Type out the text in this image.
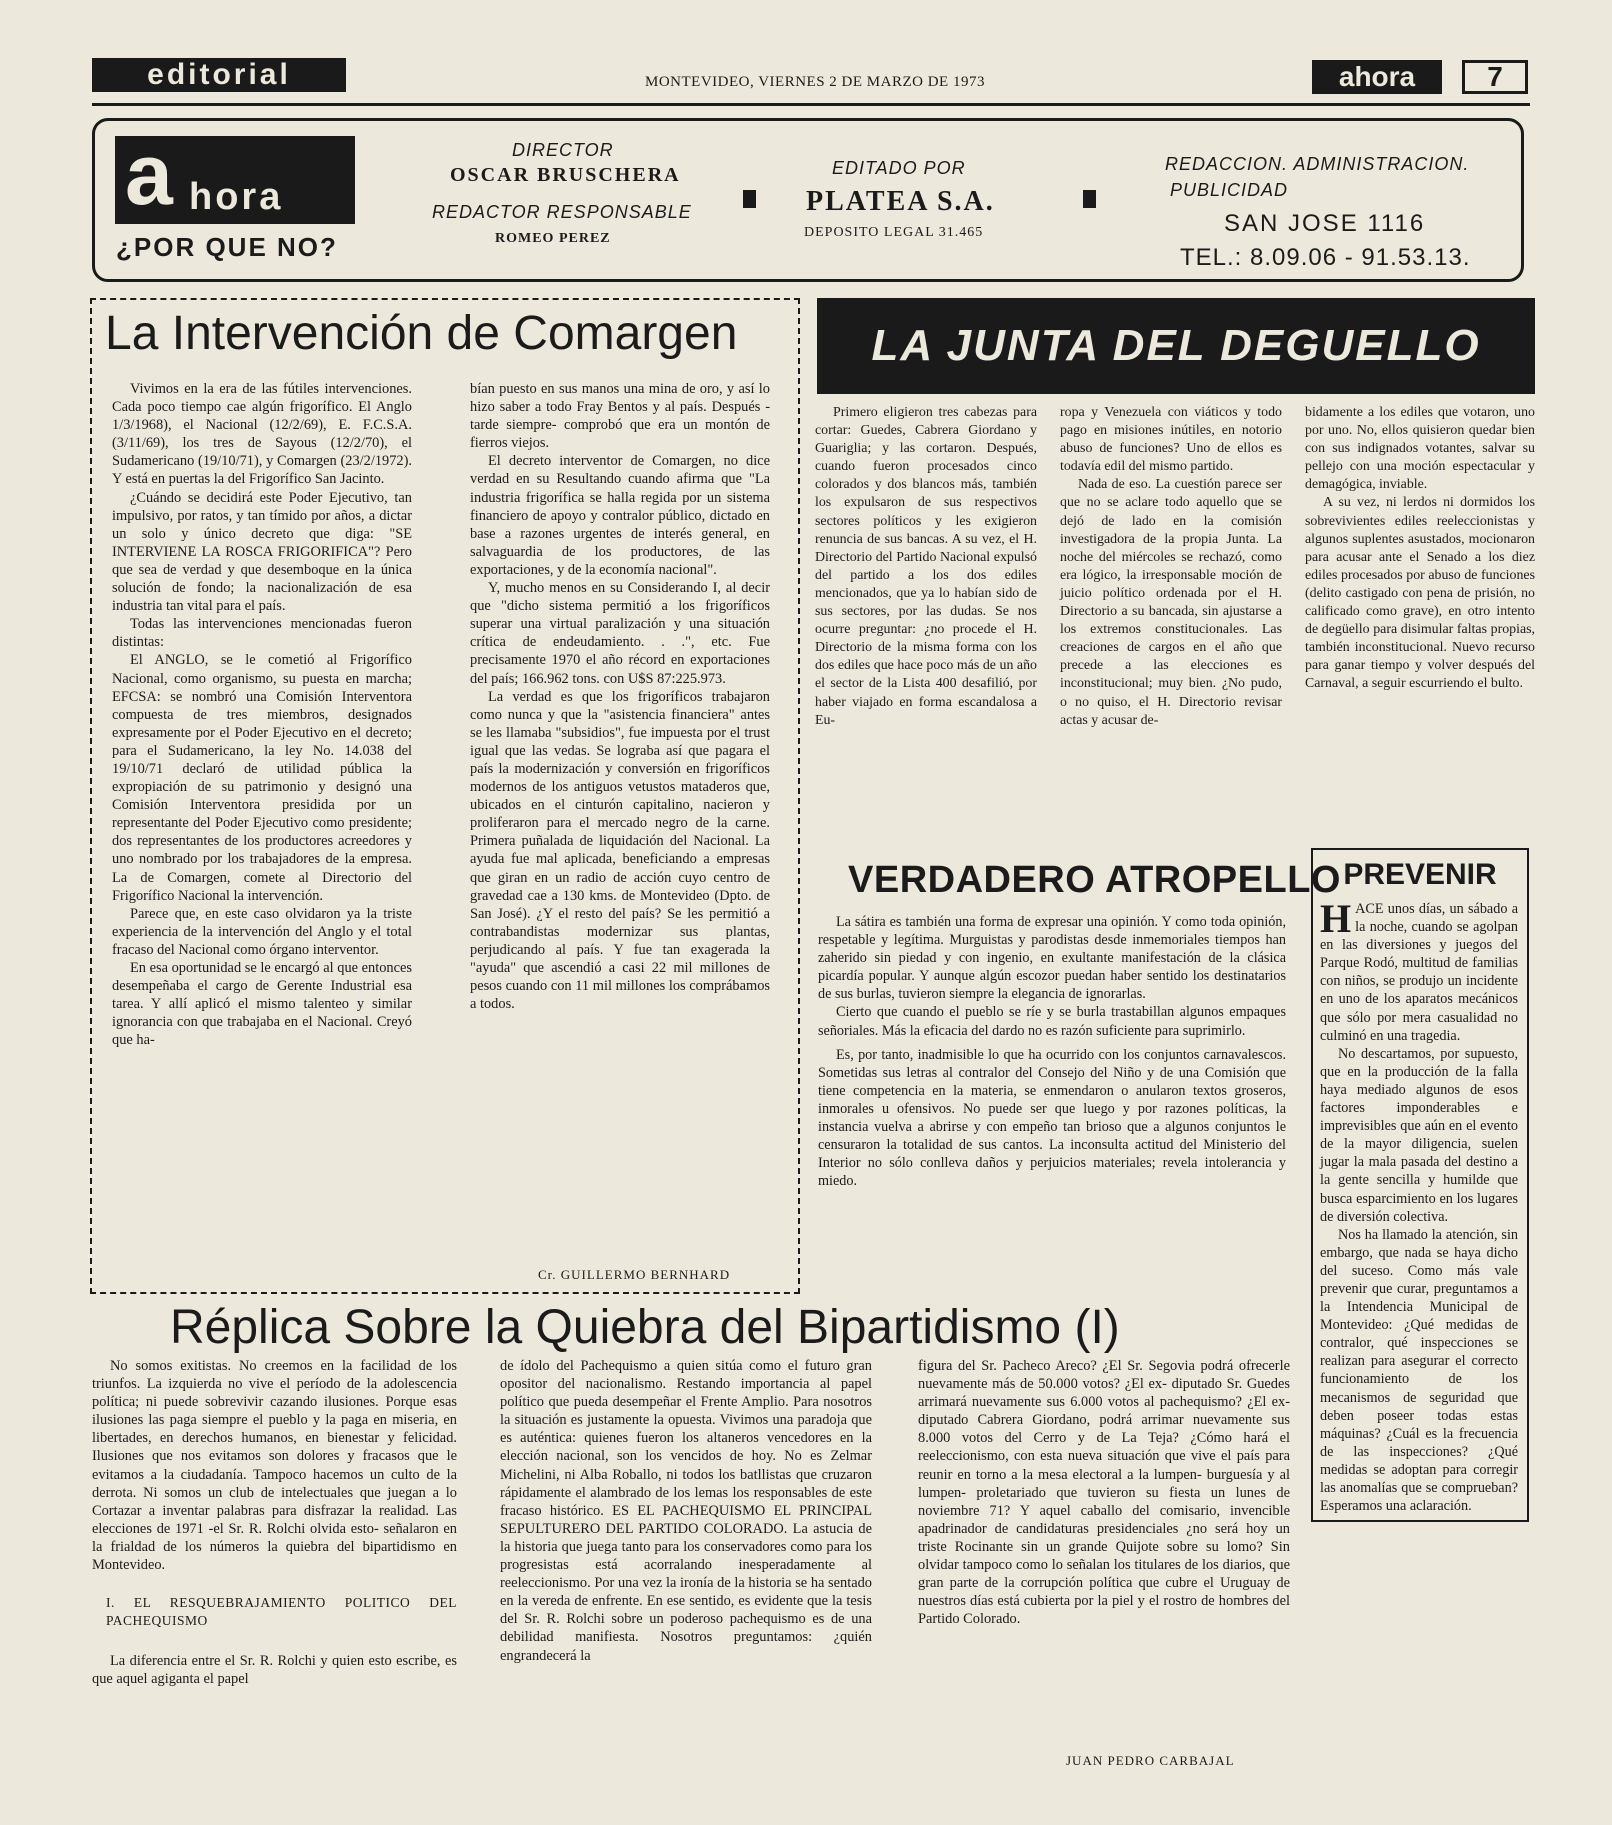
editorial	MONTEVIDEO, VIERNES 2 DE MARZO DE 1973	ahora	7
a hora
¿POR QUE NO?
DIRECTOR
OSCAR BRUSCHERA
REDACTOR RESPONSABLE
ROMEO PEREZ
EDITADO POR
PLATEA S.A.
DEPOSITO LEGAL 31.465
REDACCION. ADMINISTRACION.
PUBLICIDAD
SAN JOSE 1116
TEL.: 8.09.06 - 91.53.13.
La Intervención de Comargen

Vivimos en la era de las fútiles intervenciones. Cada poco tiempo cae algún frigorífico. El Anglo 1/3/1968), el Nacional (12/2/69), E. F.C.S.A. (3/11/69), los tres de Sayous (12/2/70), el Sudamericano (19/10/71), y Comargen (23/2/1972). Y está en puertas la del Frigorífico San Jacinto.

¿Cuándo se decidirá este Poder Ejecutivo, tan impulsivo, por ratos, y tan tímido por años, a dictar un solo y único decreto que diga: "SE INTERVIENE LA ROSCA FRIGORIFICA"? Pero que sea de verdad y que desemboque en la única solución de fondo; la nacionalización de esa industria tan vital para el país.

Todas las intervenciones mencionadas fueron distintas:

El ANGLO, se le cometió al Frigorífico Nacional, como organismo, su puesta en marcha; EFCSA: se nombró una Comisión Interventora compuesta de tres miembros, designados expresamente por el Poder Ejecutivo en el decreto; para el Sudamericano, la ley No. 14.038 del 19/10/71 declaró de utilidad pública la expropiación de su patrimonio y designó una Comisión Interventora presidida por un representante del Poder Ejecutivo como presidente; dos representantes de los productores acreedores y uno nombrado por los trabajadores de la empresa. La de Comargen, comete al Directorio del Frigorífico Nacional la intervención.

Parece que, en este caso olvidaron ya la triste experiencia de la intervención del Anglo y el total fracaso del Nacional como órgano interventor.

En esa oportunidad se le encargó al que entonces desempeñaba el cargo de Gerente Industrial esa tarea. Y allí aplicó el mismo talenteo y similar ignorancia con que trabajaba en el Nacional. Creyó que ha-

bían puesto en sus manos una mina de oro, y así lo hizo saber a todo Fray Bentos y al país. Después -tarde siempre- comprobó que era un montón de fierros viejos.

El decreto interventor de Comargen, no dice verdad en su Resultando cuando afirma que "La industria frigorífica se halla regida por un sistema financiero de apoyo y contralor público, dictado en base a razones urgentes de interés general, en salvaguardia de los productores, de las exportaciones, y de la economía nacional".

Y, mucho menos en su Considerando I, al decir que "dicho sistema permitió a los frigoríficos superar una virtual paralización y una situación crítica de endeudamiento. . .", etc. Fue precisamente 1970 el año récord en exportaciones del país; 166.962 tons. con U$S 87:225.973.

La verdad es que los frigoríficos trabajaron como nunca y que la "asistencia financiera" antes se les llamaba "subsidios", fue impuesta por el trust igual que las vedas. Se lograba así que pagara el país la modernización y conversión en frigoríficos modernos de los antiguos vetustos mataderos que, ubicados en el cinturón capitalino, nacieron y proliferaron para el mercado negro de la carne. Primera puñalada de liquidación del Nacional. La ayuda fue mal aplicada, beneficiando a empresas que giran en un radio de acción cuyo centro de gravedad cae a 130 kms. de Montevideo (Dpto. de San José). ¿Y el resto del país? Se les permitió a contrabandistas modernizar sus plantas, perjudicando al país. Y fue tan exagerada la "ayuda" que ascendió a casi 22 mil millones de pesos cuando con 11 mil millones los comprábamos a todos.

Cr. GUILLERMO BERNHARD
LA JUNTA DEL DEGUELLO

Primero eligieron tres cabezas para cortar: Guedes, Cabrera Giordano y Guariglia; y las cortaron. Después, cuando fueron procesados cinco colorados y dos blancos más, también los expulsaron de sus respectivos sectores políticos y les exigieron renuncia de sus bancas. A su vez, el H. Directorio del Partido Nacional expulsó del partido a los dos ediles mencionados, que ya lo habían sido de sus sectores, por las dudas. Se nos ocurre preguntar: ¿no procede el H. Directorio de la misma forma con los dos ediles que hace poco más de un año el sector de la Lista 400 desafilió, por haber viajado en forma escandalosa a Eu-

ropa y Venezuela con viáticos y todo pago en misiones inútiles, en notorio abuso de funciones? Uno de ellos es todavía edil del mismo partido.

Nada de eso. La cuestión parece ser que no se aclare todo aquello que se dejó de lado en la comisión investigadora de la propia Junta. La noche del miércoles se rechazó, como era lógico, la irresponsable moción de juicio político ordenada por el H. Directorio a su bancada, sin ajustarse a los extremos constitucionales. Las creaciones de cargos en el año que precede a las elecciones es inconstitucional; muy bien. ¿No pudo, o no quiso, el H. Directorio revisar actas y acusar de-

bidamente a los ediles que votaron, uno por uno. No, ellos quisieron quedar bien con sus indignados votantes, salvar su pellejo con una moción espectacular y demagógica, inviable.

A su vez, ni lerdos ni dormidos los sobrevivientes ediles reeleccionistas y algunos suplentes asustados, mocionaron para acusar ante el Senado a los diez ediles procesados por abuso de funciones (delito castigado con pena de prisión, no calificado como grave), en otro intento de degüello para disimular faltas propias, también inconstitucional. Nuevo recurso para ganar tiempo y volver después del Carnaval, a seguir escurriendo el bulto.

VERDADERO ATROPELLO

La sátira es también una forma de expresar una opinión. Y como toda opinión, respetable y legítima. Murguistas y parodistas desde inmemoriales tiempos han zaherido sin piedad y con ingenio, en exultante manifestación de la clásica picardía popular. Y aunque algún escozor puedan haber sentido los destinatarios de sus burlas, tuvieron siempre la elegancia de ignorarlas.

Cierto que cuando el pueblo se ríe y se burla trastabillan algunos empaques señoriales. Más la eficacia del dardo no es razón suficiente para suprimirlo.

Es, por tanto, inadmisible lo que ha ocurrido con los conjuntos carnavalescos. Sometidas sus letras al contralor del Consejo del Niño y de una Comisión que tiene competencia en la materia, se enmendaron o anularon textos groseros, inmorales u ofensivos. No puede ser que luego y por razones políticas, la instancia vuelva a abrirse y con empeño tan brioso que a algunos conjuntos le censuraron la totalidad de sus cantos. La inconsulta actitud del Ministerio del Interior no sólo conlleva daños y perjuicios materiales; revela intolerancia y miedo.

PREVENIR

HACE unos días, un sábado a la noche, cuando se agolpan en las diversiones y juegos del Parque Rodó, multitud de familias con niños, se produjo un incidente en uno de los aparatos mecánicos que sólo por mera casualidad no culminó en una tragedia.

No descartamos, por supuesto, que en la producción de la falla haya mediado algunos de esos factores imponderables e imprevisibles que aún en el evento de la mayor diligencia, suelen jugar la mala pasada del destino a la gente sencilla y humilde que busca esparcimiento en los lugares de diversión colectiva.

Nos ha llamado la atención, sin embargo, que nada se haya dicho del suceso. Como más vale prevenir que curar, preguntamos a la Intendencia Municipal de Montevideo: ¿Qué medidas de contralor, qué inspecciones se realizan para asegurar el correcto funcionamiento de los mecanismos de seguridad que deben poseer todas estas máquinas? ¿Cuál es la frecuencia de las inspecciones? ¿Qué medidas se adoptan para corregir las anomalías que se comprueban? Esperamos una aclaración.

Réplica Sobre la Quiebra del Bipartidismo (I)

No somos exitistas. No creemos en la facilidad de los triunfos. La izquierda no vive el período de la adolescencia política; ni puede sobrevivir cazando ilusiones. Porque esas ilusiones las paga siempre el pueblo y la paga en miseria, en libertades, en derechos humanos, en bienestar y felicidad. Ilusiones que nos evitamos son dolores y fracasos que le evitamos a la ciudadanía. Tampoco hacemos un culto de la derrota. Ni somos un club de intelectuales que juegan a lo Cortazar a inventar palabras para disfrazar la realidad. Las elecciones de 1971 -el Sr. R. Rolchi olvida esto- señalaron en la frialdad de los números la quiebra del bipartidismo en Montevideo.

I. EL RESQUEBRAJAMIENTO POLITICO DEL PACHEQUISMO

La diferencia entre el Sr. R. Rolchi y quien esto escribe, es que aquel agiganta el papel

de ídolo del Pachequismo a quien sitúa como el futuro gran opositor del nacionalismo. Restando importancia al papel político que pueda desempeñar el Frente Amplio. Para nosotros la situación es justamente la opuesta. Vivimos una paradoja que es auténtica: quienes fueron los altaneros vencedores en la elección nacional, son los vencidos de hoy. No es Zelmar Michelini, ni Alba Roballo, ni todos los batllistas que cruzaron rápidamente el alambrado de los lemas los responsables de este fracaso histórico. ES EL PACHEQUISMO EL PRINCIPAL SEPULTURERO DEL PARTIDO COLORADO. La astucia de la historia que juega tanto para los conservadores como para los progresistas está acorralando inesperadamente al reeleccionismo. Por una vez la ironía de la historia se ha sentado en la vereda de enfrente. En ese sentido, es evidente que la tesis del Sr. R. Rolchi sobre un poderoso pachequismo es de una debilidad manifiesta. Nosotros preguntamos: ¿quién engrandecerá la

figura del Sr. Pacheco Areco? ¿El Sr. Segovia podrá ofrecerle nuevamente más de 50.000 votos? ¿El ex- diputado Sr. Guedes arrimará nuevamente sus 6.000 votos al pachequismo? ¿El ex- diputado Cabrera Giordano, podrá arrimar nuevamente sus 8.000 votos del Cerro y de La Teja? ¿Cómo hará el reeleccionismo, con esta nueva situación que vive el país para reunir en torno a la mesa electoral a la lumpen- burguesía y al lumpen- proletariado que tuvieron su fiesta un lunes de noviembre 71? Y aquel caballo del comisario, invencible apadrinador de candidaturas presidenciales ¿no será hoy un triste Rocinante sin un grande Quijote sobre su lomo? Sin olvidar tampoco como lo señalan los titulares de los diarios, que gran parte de la corrupción política que cubre el Uruguay de nuestros días está cubierta por la piel y el rostro de hombres del Partido Colorado.

JUAN PEDRO CARBAJAL
